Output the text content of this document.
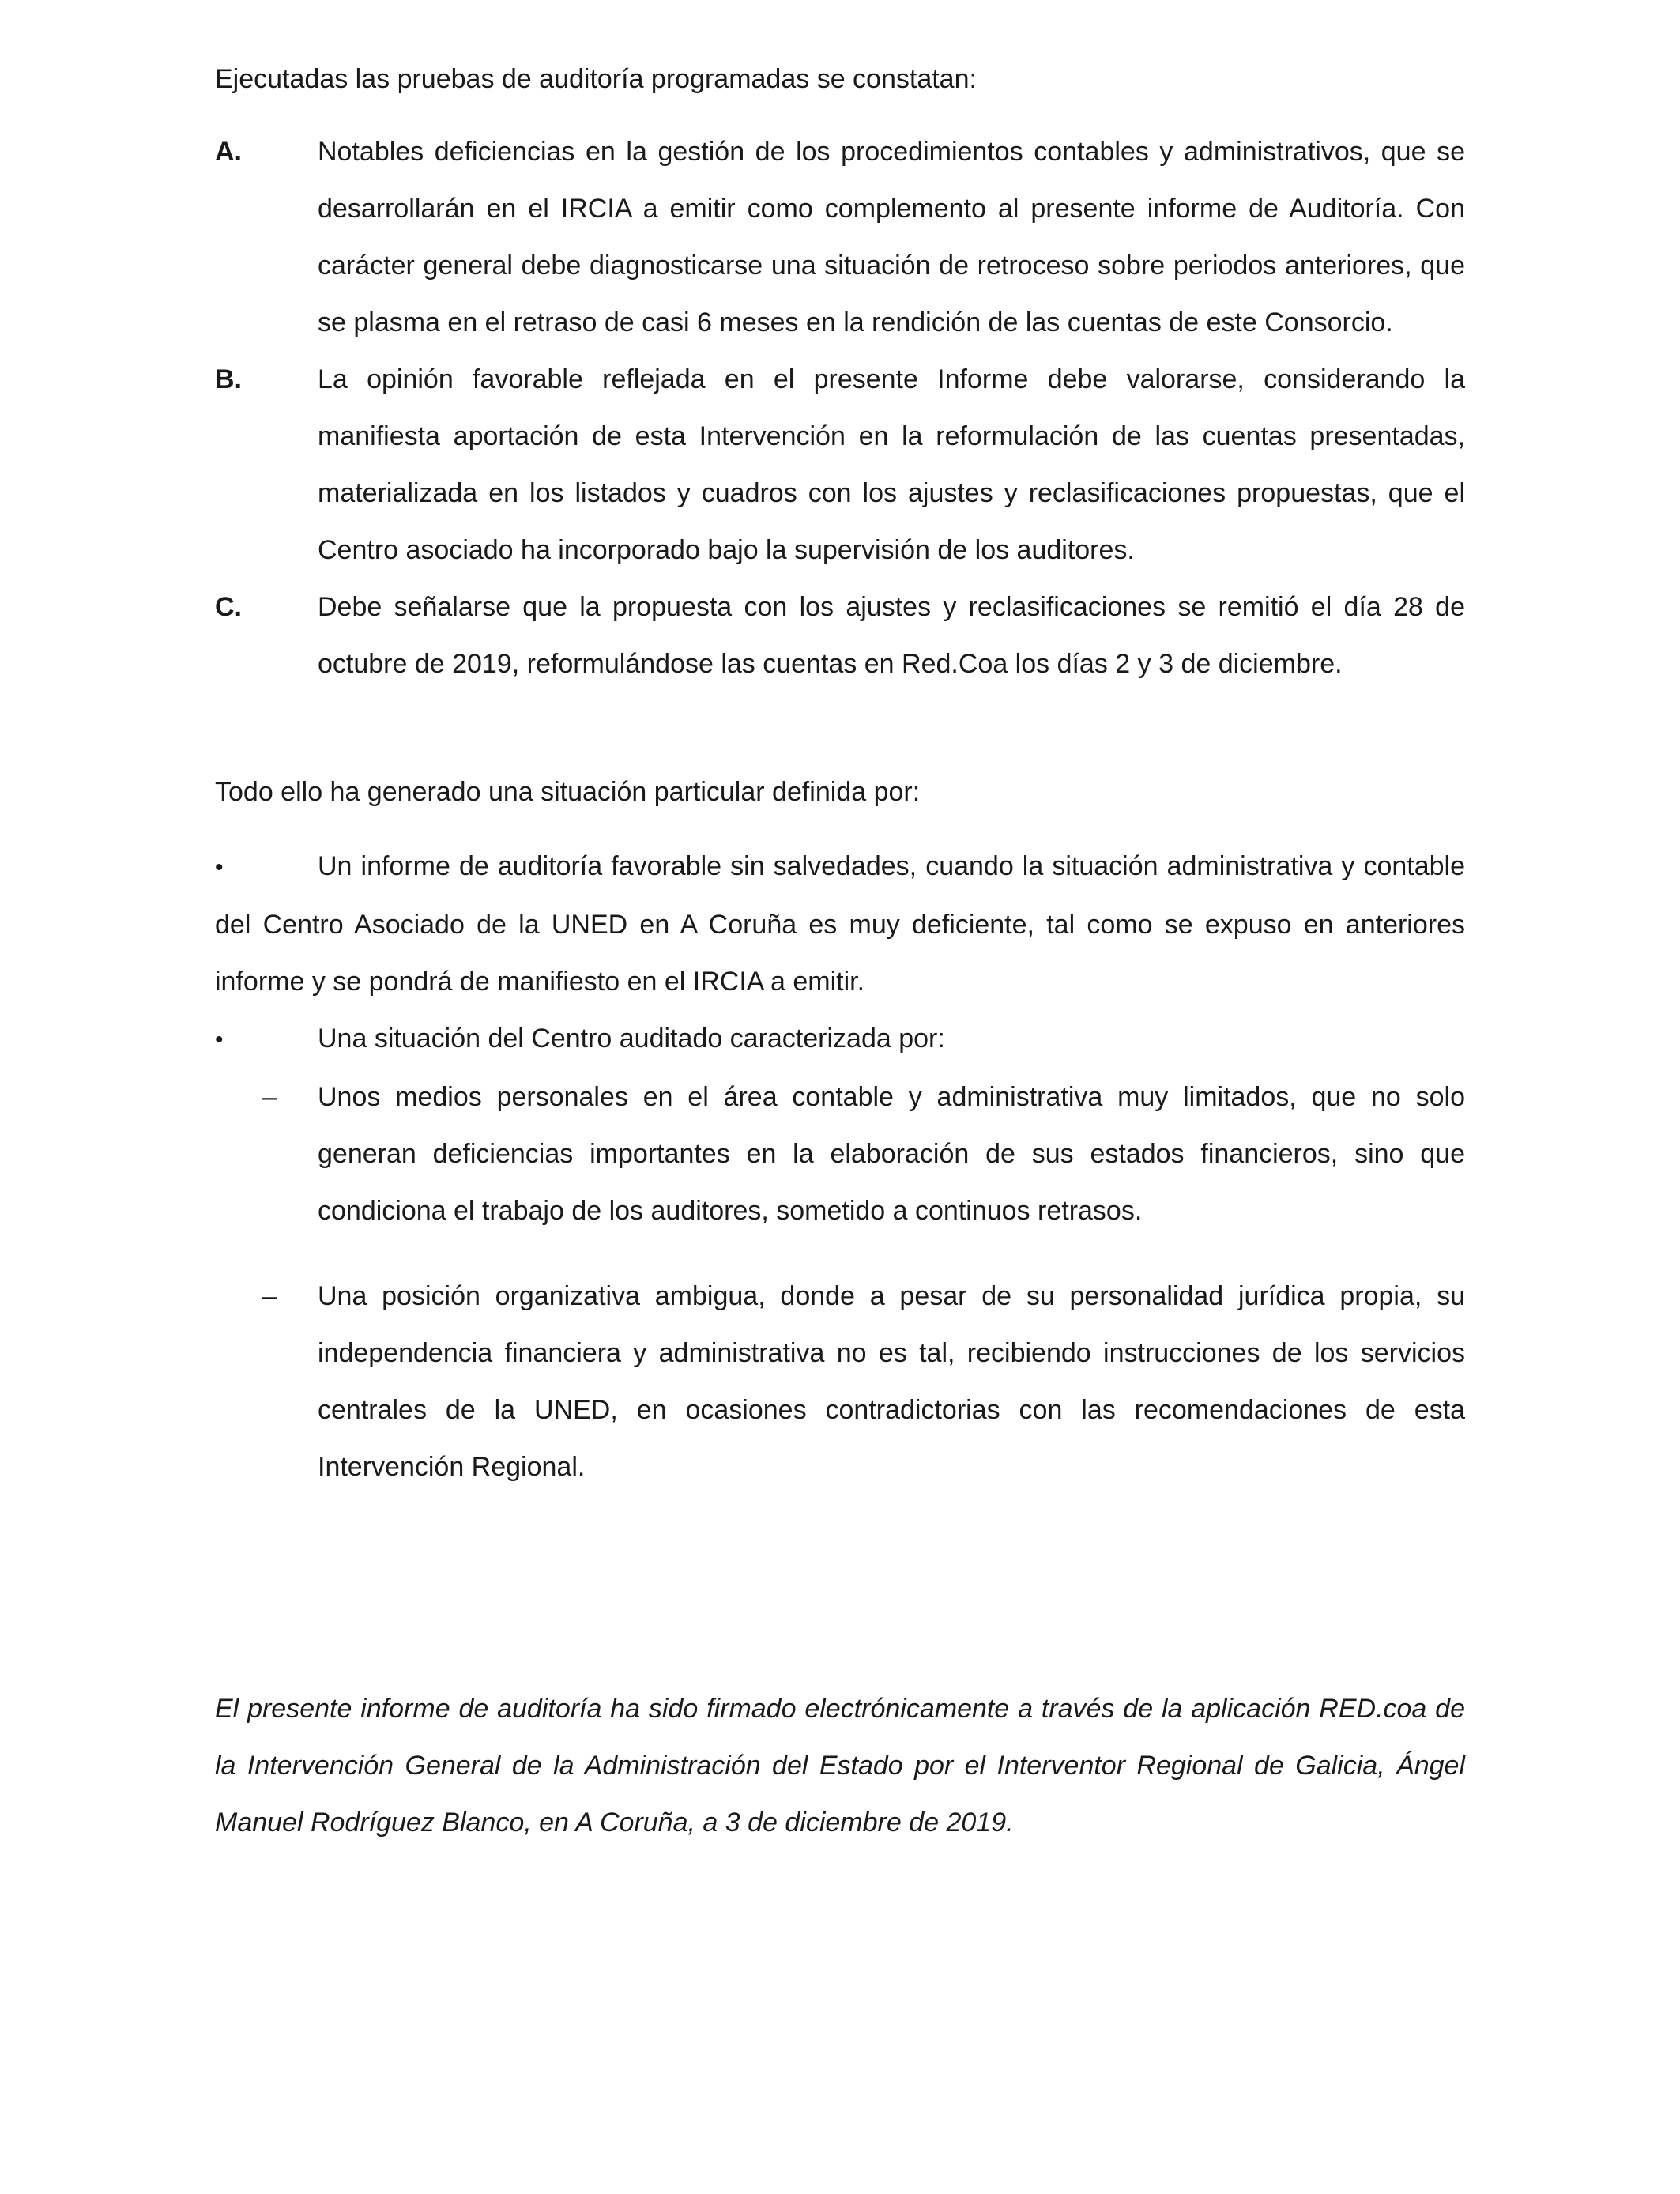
Ejecutadas las pruebas de auditoría programadas se constatan:

A.	Notables deficiencias en la gestión de los procedimientos contables y administrativos, que se desarrollarán en el IRCIA a emitir como complemento al presente informe de Auditoría. Con carácter general debe diagnosticarse una situación de retroceso sobre periodos anteriores, que se plasma en el retraso de casi 6 meses en la rendición de las cuentas de este Consorcio.

B.	La opinión favorable reflejada en el presente Informe debe valorarse, considerando la manifiesta aportación de esta Intervención en la reformulación de las cuentas presentadas, materializada en los listados y cuadros con los ajustes y reclasificaciones propuestas, que el Centro asociado ha incorporado bajo la supervisión de los auditores.

C.	Debe señalarse que la propuesta con los ajustes y reclasificaciones se remitió el día 28 de octubre de 2019, reformulándose las cuentas en Red.Coa los días 2 y 3 de diciembre.

Todo ello ha generado una situación particular definida por:

•	Un informe de auditoría favorable sin salvedades, cuando la situación administrativa y contable del Centro Asociado de la UNED en A Coruña es muy deficiente, tal como se expuso en anteriores informe y se pondrá de manifiesto en el IRCIA a emitir.

•	Una situación del Centro auditado caracterizada por:

– Unos medios personales en el área contable y administrativa muy limitados, que no solo generan deficiencias importantes en la elaboración de sus estados financieros, sino que condiciona el trabajo de los auditores, sometido a continuos retrasos.

– Una posición organizativa ambigua, donde a pesar de su personalidad jurídica propia, su independencia financiera y administrativa no es tal, recibiendo instrucciones de los servicios centrales de la UNED, en ocasiones contradictorias con las recomendaciones de esta Intervención Regional.

El presente informe de auditoría ha sido firmado electrónicamente a través de la aplicación RED.coa de la Intervención General de la Administración del Estado por el Interventor Regional de Galicia, Ángel Manuel Rodríguez Blanco, en A Coruña, a 3 de diciembre de 2019.
